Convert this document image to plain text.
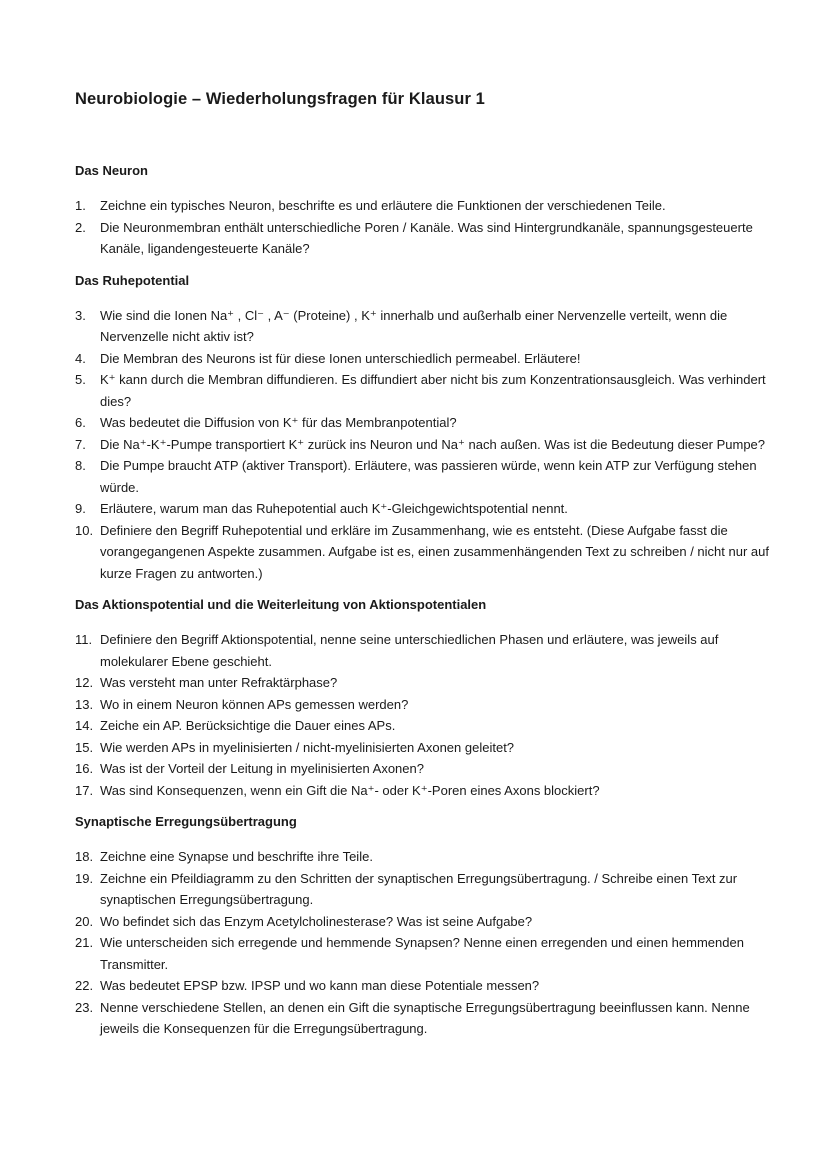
Neurobiologie – Wiederholungsfragen für Klausur 1
Das Neuron
1. Zeichne ein typisches Neuron, beschrifte es und erläutere die Funktionen der verschiedenen Teile.
2. Die Neuronmembran enthält unterschiedliche Poren / Kanäle. Was sind Hintergrundkanäle, spannungsgesteuerte Kanäle, ligandengesteuerte Kanäle?
Das Ruhepotential
3. Wie sind die Ionen Na⁺ , Cl⁻ , A⁻ (Proteine) , K⁺ innerhalb und außerhalb einer Nervenzelle verteilt, wenn die Nervenzelle nicht aktiv ist?
4. Die Membran des Neurons ist für diese Ionen unterschiedlich permeabel. Erläutere!
5. K⁺ kann durch die Membran diffundieren. Es diffundiert aber nicht bis zum Konzentrationsausgleich. Was verhindert dies?
6. Was bedeutet die Diffusion von K⁺ für das Membranpotential?
7. Die Na⁺-K⁺-Pumpe transportiert K⁺ zurück ins Neuron und Na⁺ nach außen. Was ist die Bedeutung dieser Pumpe?
8. Die Pumpe braucht ATP (aktiver Transport). Erläutere, was passieren würde, wenn kein ATP zur Verfügung stehen würde.
9. Erläutere, warum man das Ruhepotential auch K⁺-Gleichgewichtspotential nennt.
10. Definiere den Begriff Ruhepotential und erkläre im Zusammenhang, wie es entsteht. (Diese Aufgabe fasst die vorangegangenen Aspekte zusammen. Aufgabe ist es, einen zusammenhängenden Text zu schreiben / nicht nur auf kurze Fragen zu antworten.)
Das Aktionspotential und die Weiterleitung von Aktionspotentialen
11. Definiere den Begriff Aktionspotential, nenne seine unterschiedlichen Phasen und erläutere, was jeweils auf molekularer Ebene geschieht.
12. Was versteht man unter Refraktärphase?
13. Wo in einem Neuron können APs gemessen werden?
14. Zeiche ein AP. Berücksichtige die Dauer eines APs.
15. Wie werden APs in myelinisierten / nicht-myelinisierten Axonen geleitet?
16. Was ist der Vorteil der Leitung in myelinisierten Axonen?
17. Was sind Konsequenzen, wenn ein Gift die Na⁺- oder K⁺-Poren eines Axons blockiert?
Synaptische Erregungsübertragung
18. Zeichne eine Synapse und beschrifte ihre Teile.
19. Zeichne ein Pfeildiagramm zu den Schritten der synaptischen Erregungsübertragung. / Schreibe einen Text zur synaptischen Erregungsübertragung.
20. Wo befindet sich das Enzym Acetylcholinesterase? Was ist seine Aufgabe?
21. Wie unterscheiden sich erregende und hemmende Synapsen? Nenne einen erregenden und einen hemmenden Transmitter.
22. Was bedeutet EPSP bzw. IPSP und wo kann man diese Potentiale messen?
23. Nenne verschiedene Stellen, an denen ein Gift die synaptische Erregungsübertragung beeinflussen kann. Nenne jeweils die Konsequenzen für die Erregungsübertragung.
